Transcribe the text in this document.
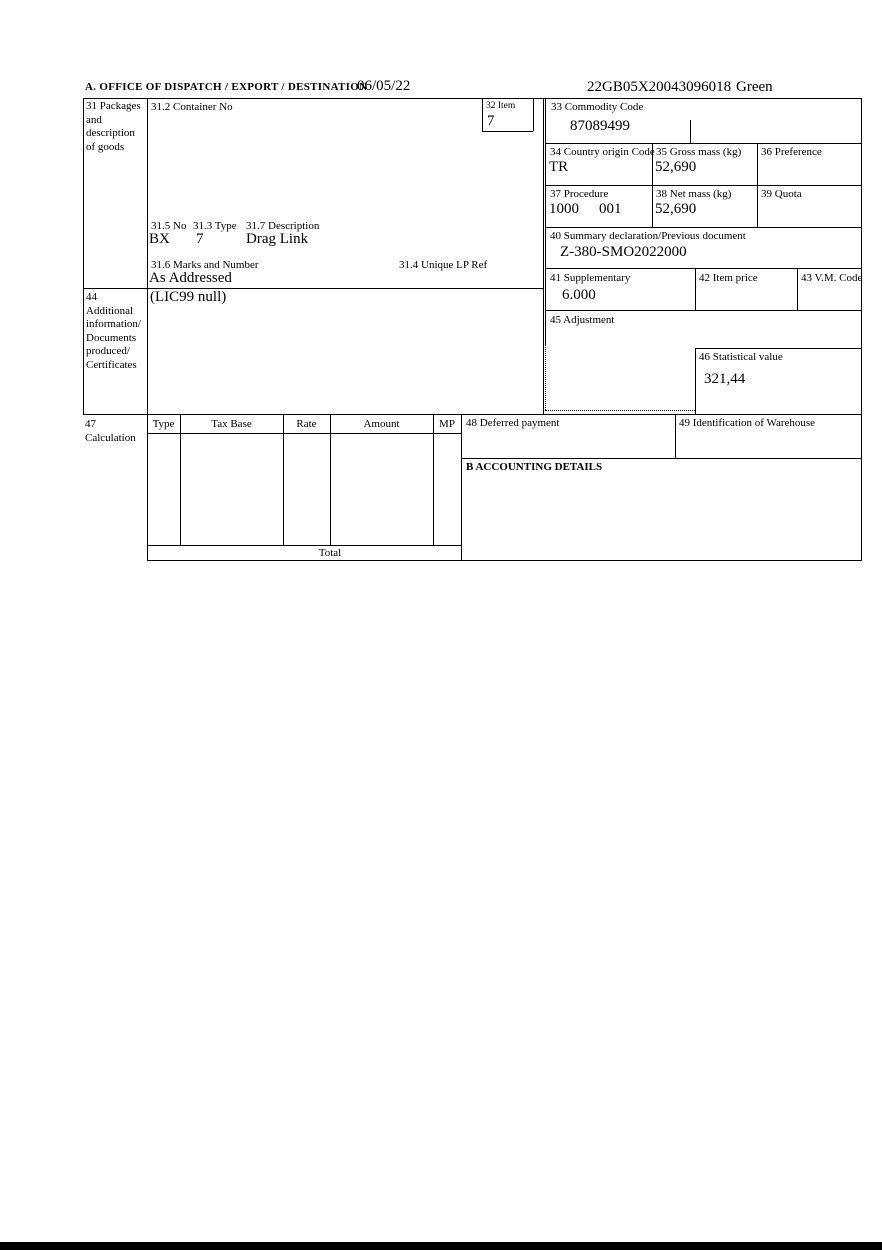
A. OFFICE OF DISPATCH / EXPORT / DESTINATION
06/05/22	22GB05X20043096018 Green
31 Packages
and
description
of goods
44
Additional
information/
Documents
produced/
Certificates
47
Calculation
31.2 Container No	32 Item
7
31.5 No 31.3 Type 31.7 Description
BX 7	Drag Link
31.6 Marks and Number	31.4 Unique LP Ref
As Addressed
(LIC99 null)
33 Commodity Code
87089499
34 Country origin Code
TR
35 Gross mass (kg)
52,690
36 Preference
37 Procedure
1000 001
38 Net mass (kg)
52,690
39 Quota
40 Summary declaration/Previous document
Z-380-SMO2022000
41 Supplementary
6.000
42 Item price	43 V.M. Code
45 Adjustment
46 Statistical value
321,44
Type	Tax Base	Rate	Amount	MP
Total
48 Deferred payment	49 Identification of Warehouse
B ACCOUNTING DETAILS
